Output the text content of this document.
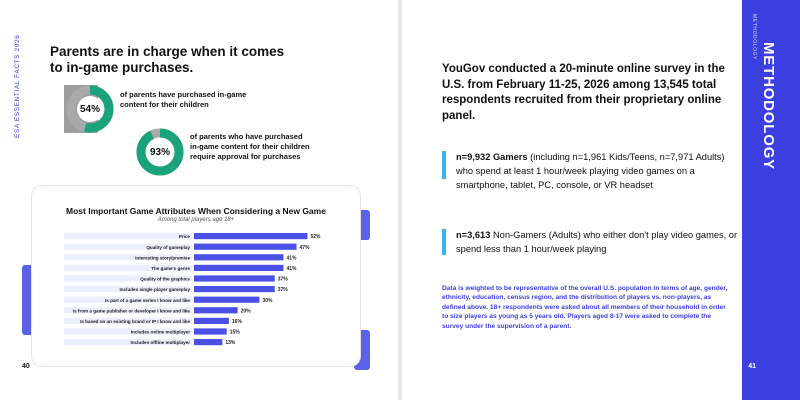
ESA ESSENTIAL FACTS 2026 Parents are in charge when it comes to in-game purchases.
54%
of parents have purchased in-game content for their children
93%
of parents who have purchased in-game content for their children require approval for purchases
Most Important Game Attributes When Considering a New Game
Among total players age 18+
Price	52%
Quality of gameplay	47%
Interesting story/premise	41%
The game's genre	41%
Quality of the graphics	37%
Includes single player gameplay	37%
Is part of a game series I know and like	30%
Is from a game publisher or developer I know and like	20%
Is based on an existing brand or IP I know and like	16%
Includes online multiplayer	15%
Includes offline multiplayer	13%
40
YouGov conducted a 20-minute online survey in the U.S. from February 11-25, 2026 among 13,545 total respondents recruited from their proprietary online panel.
n=9,932 Gamers (including n=1,961 Kids/Teens, n=7,971 Adults) who spend at least 1 hour/week playing video games on a smartphone, tablet, PC, console, or VR headset
n=3,613 Non-Gamers (Adults) who either don't play video games, or spend less than 1 hour/week playing
Data is weighted to be representative of the overall U.S. population in terms of age, gender, ethnicity, education, census region, and the distribution of players vs. non-players, as defined above. 18+ respondents were asked about all members of their household in order to size players as young as 5 years old. Players aged 8-17 were asked to complete the survey under the supervision of a parent.
METHODOLOGY
METHODOLOGY
41
